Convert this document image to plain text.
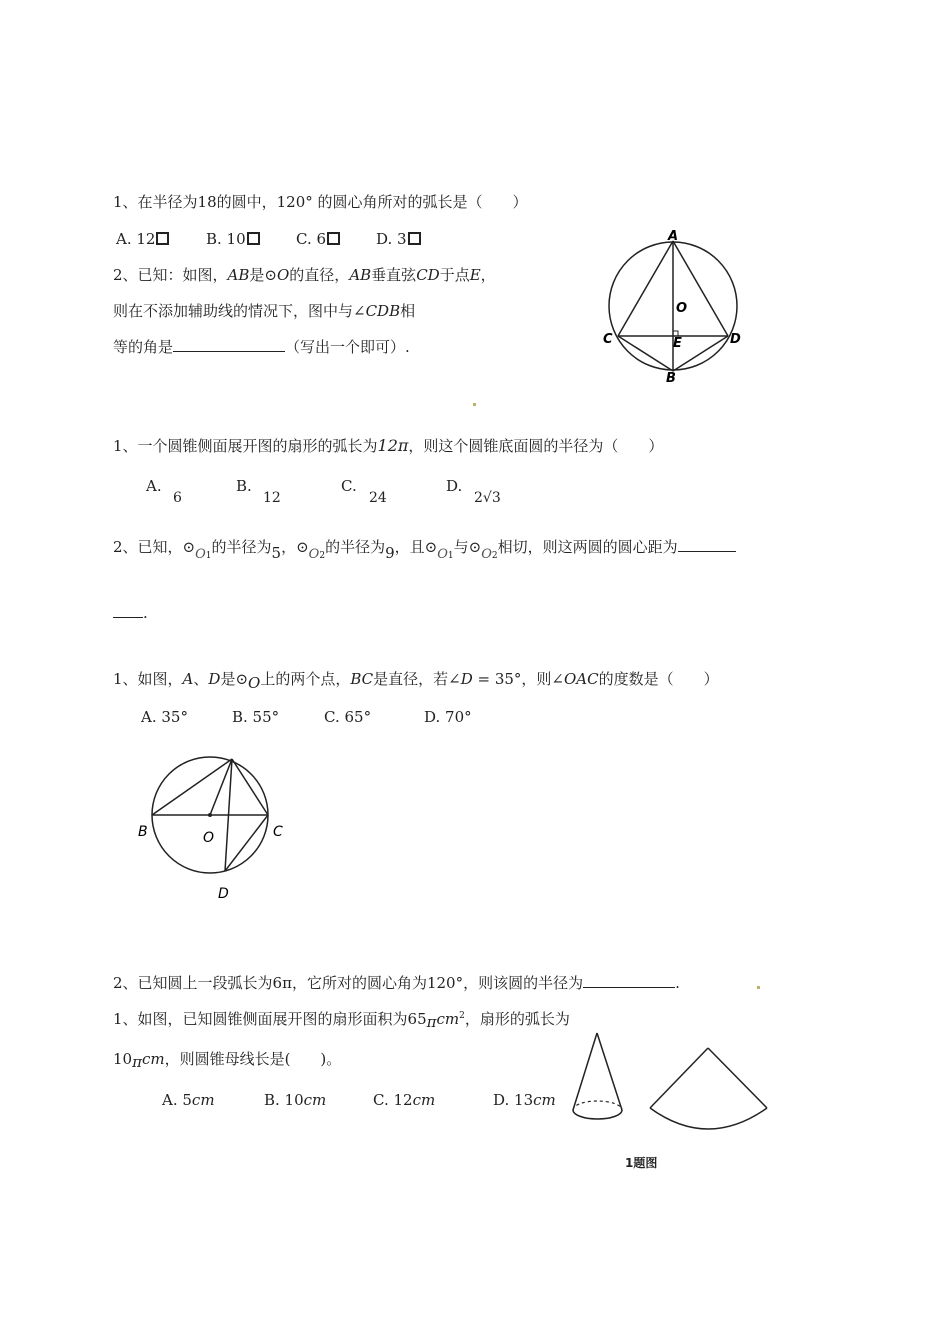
1、在半径为18的圆中，120° 的圆心角所对的弧长是（　　）
A. 12	B. 10	C. 6	D. 3
2、已知：如图，AB是⊙O的直径，AB垂直弦CD于点E，
则在不添加辅助线的情况下，图中与∠CDB相
等的角是	（写出一个即可）.
A
O
C	E	D
B
1、一个圆锥侧面展开图的扇形的弧长为12π，则这个圆锥底面圆的半径为（　　）
A.
6
B.
12
C.
24
D.
2√3
2、已知，$⊙O_1$的半径为5，$⊙O_2$的半径为9，且$⊙O_1$与$⊙O_2$相切，则这两圆的圆心距为
.
1、如图，A、D是⊙O上的两个点，BC是直径，若∠D = 35°，则∠OAC的度数是（　　）
A. 35°	B. 55°	C. 65°	D. 70°
B	O	C
D
2、已知圆上一段弧长为6π，它所对的圆心角为120°，则该圆的半径为	.
1、如图，已知圆锥侧面展开图的扇形面积为65πcm$^2$，扇形的弧长为
10πcm，则圆锥母线长是(　　)。
A. 5cm	B. 10cm	C. 12cm	D. 13cm
1题图
